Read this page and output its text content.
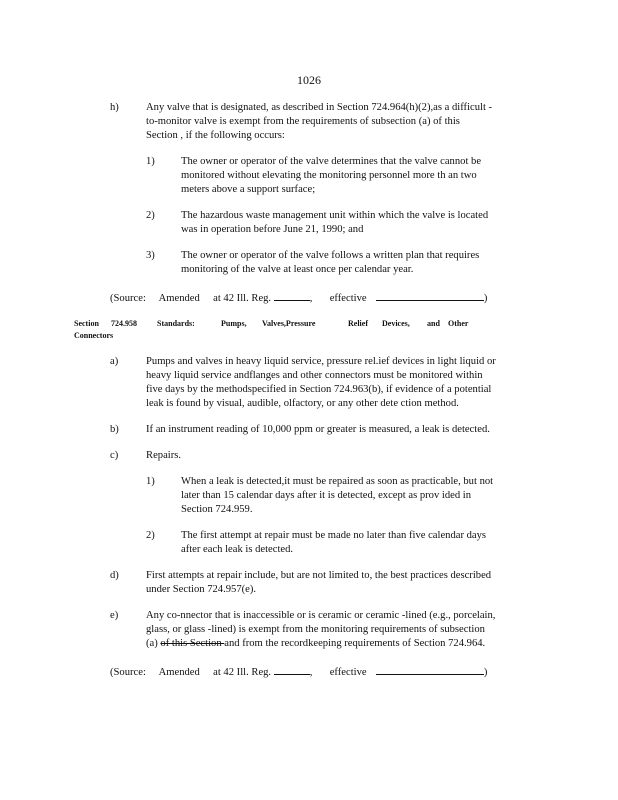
1026
h)	Any valve that is designated, as described in Section 724.964(h)(2),as a difficult -
to-monitor valve is exempt from the requirements of subsection (a) of this
Section , if the following occurs:
1)	The owner or operator of the valve determines that the valve cannot be
monitored without elevating the monitoring personnel more th an two
meters above a support surface;
2)	The hazardous waste management unit within which the valve is located
was in operation before June 21, 1990; and
3)	The owner or operator of the valve follows a written plan that requires
monitoring of the valve at least once per calendar year.
(Source: Amended at 42 Ill. Reg.	, effective	)
Section 724.958	Standards:	Pumps, Valves,Pressure	Relief Devices, and Other
Connectors
a)	Pumps and valves in heavy liquid service, pressure rel.ief devices in light liquid or
heavy liquid service andflanges and other connectors must be monitored within
five days by the methodspecified in Section 724.963(b), if evidence of a potential
leak is found by visual, audible, olfactory, or any other dete ction method.
b)	If an instrument reading of 10,000 ppm or greater is measured, a leak is detected.
c)	Repairs.
1)	When a leak is detected,it must be repaired as soon as practicable, but not
later than 15 calendar days after it is detected, except as prov ided in
Section 724.959.
2)	The first attempt at repair must be made no later than five calendar days
after each leak is detected.
d)	First attempts at repair include, but are not limited to, the best practices described
under Section 724.957(e).
e)	Any co-nnector that is inaccessible or is ceramic or ceramic -lined (e.g., porcelain,
glass, or glass -lined) is exempt from the monitoring requirements of subsection
(a) of this Section and from the recordkeeping requirements of Section 724.964.
(Source: Amended at 42 Ill. Reg.	, effective	)
